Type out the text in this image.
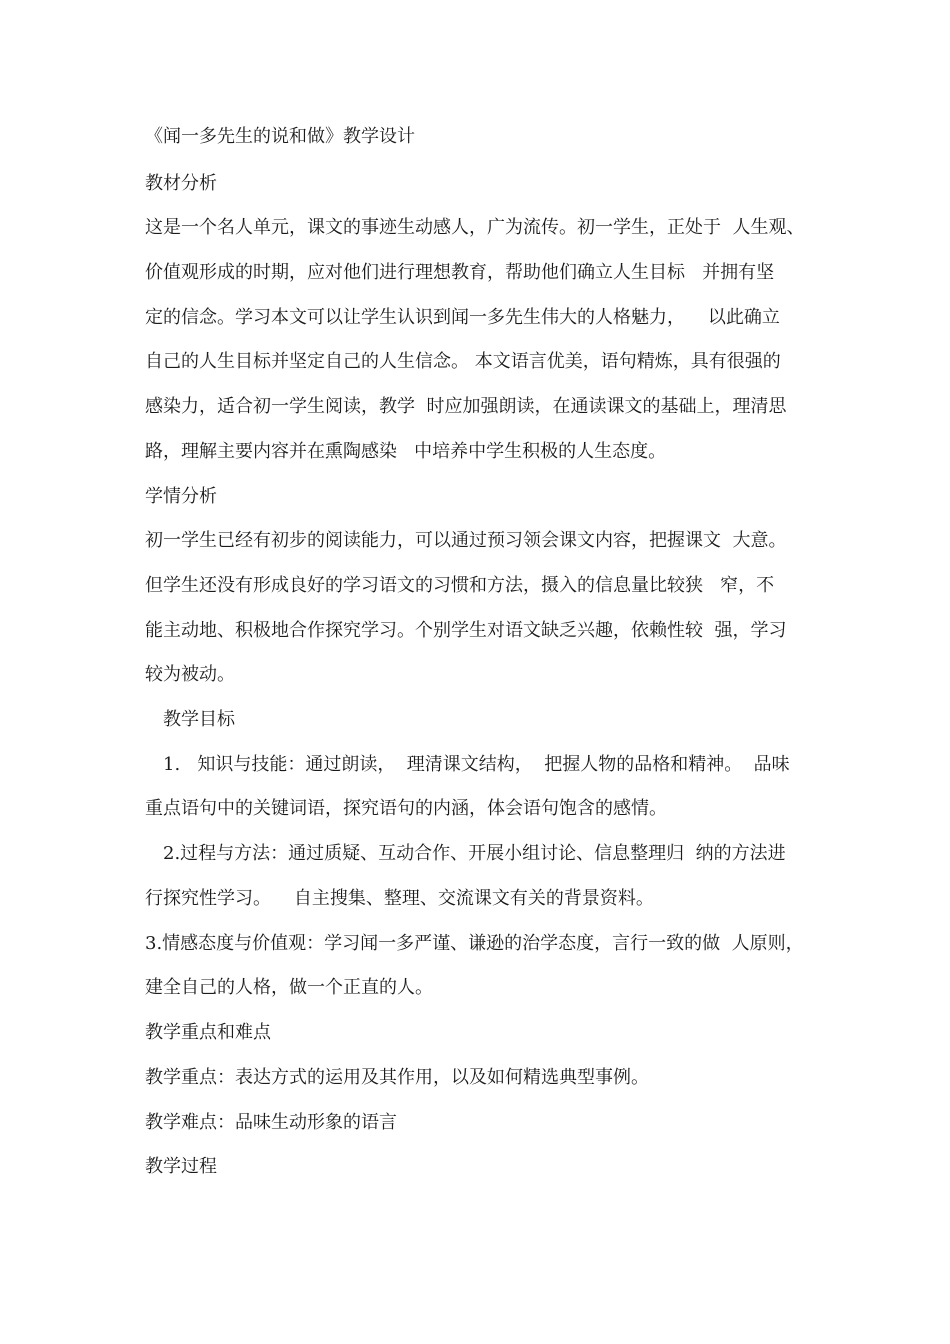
《闻一多先生的说和做》教学设计
教材分析
这是一个名人单元，课文的事迹生动感人，广为流传。初一学生，正处于  人生观、
价值观形成的时期，应对他们进行理想教育，帮助他们确立人生目标   并拥有坚
定的信念。学习本文可以让学生认识到闻一多先生伟大的人格魅力，    以此确立
自己的人生目标并坚定自己的人生信念。 本文语言优美，语句精炼，具有很强的
感染力，适合初一学生阅读，教学  时应加强朗读，在通读课文的基础上，理清思
路，理解主要内容并在熏陶感染   中培养中学生积极的人生态度。
学情分析
初一学生已经有初步的阅读能力，可以通过预习领会课文内容，把握课文  大意。
但学生还没有形成良好的学习语文的习惯和方法，摄入的信息量比较狭   窄，不
能主动地、积极地合作探究学习。个别学生对语文缺乏兴趣，依赖性较  强，学习
较为被动。
教学目标
1.   知识与技能：通过朗读，  理清课文结构，  把握人物的品格和精神。  品味
重点语句中的关键词语，探究语句的内涵，体会语句饱含的感情。
2.过程与方法：通过质疑、互动合作、开展小组讨论、信息整理归  纳的方法进
行探究性学习。    自主搜集、整理、交流课文有关的背景资料。
3.情感态度与价值观：学习闻一多严谨、谦逊的治学态度，言行一致的做  人原则，
建全自己的人格，做一个正直的人。
教学重点和难点
教学重点：表达方式的运用及其作用，以及如何精选典型事例。
教学难点：品味生动形象的语言
教学过程
